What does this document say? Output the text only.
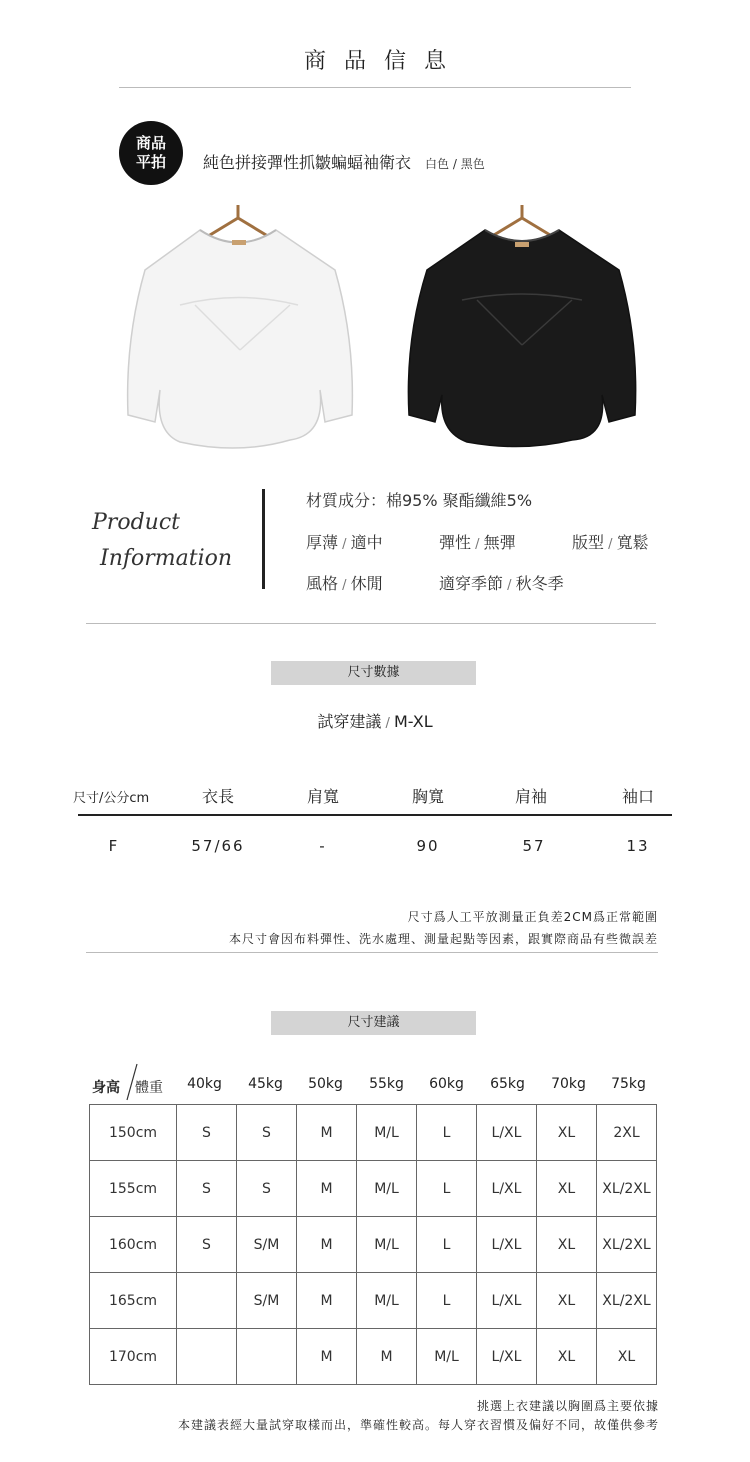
商品信息
商品
平拍 純色拼接彈性抓皺蝙蝠袖衛衣 白色 / 黑色
Product
Information
材質成分：棉95% 聚酯纖維5%
厚薄 / 適中	彈性 / 無彈	版型 / 寬鬆
風格 / 休閒	適穿季節 / 秋冬季
尺寸數據
試穿建議 / M-XL
尺寸/公分cm	衣長	肩寬	胸寬	肩袖	袖口
F	57/66	-	90	57	13
尺寸爲人工平放測量正負差2CM爲正常範圍
本尺寸會因布料彈性、洗水處理、測量起點等因素，跟實際商品有些微誤差
尺寸建議
身高 體重	40kg	45kg	50kg	55kg	60kg	65kg	70kg	75kg
150cm	S	S	M	M/L	L	L/XL	XL	2XL
155cm	S	S	M	M/L	L	L/XL	XL	XL/2XL
160cm	S	S/M	M	M/L	L	L/XL	XL	XL/2XL
165cm		S/M	M	M/L	L	L/XL	XL	XL/2XL
170cm			M	M	M/L	L/XL	XL	XL
挑選上衣建議以胸圍爲主要依據
本建議表經大量試穿取樣而出，準確性較高。每人穿衣習慣及偏好不同，故僅供參考
